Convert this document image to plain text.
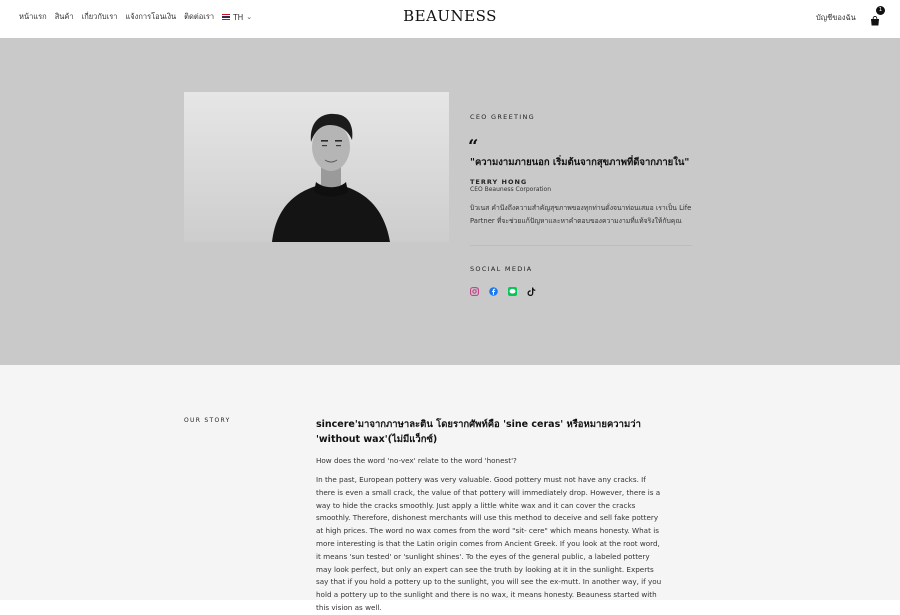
หน้าแรก สินค้า เกี่ยวกับเรา แจ้งการโอนเงิน ติดต่อเรา	TH ⌄	BEAUNESS	บัญชีของฉัน
1
CEO GREETING
“
"ความงามภายนอก เริ่มต้นจากสุขภาพที่ดีจากภายใน"
TERRY HONG
CEO Beauness Corporation
บิวเนส คำนึงถึงความสำคัญสุขภาพของทุกท่านดั่งจนาท่อนเสมอ เราเป็น Life Partner ที่จะช่วยแก้ปัญหาและหาคำตอบของความงามที่แท้จริงให้กับคุณ
SOCIAL MEDIA
OUR STORY	sincere'มาจากภาษาละติน โดยรากศัพท์คือ 'sine ceras' หรือหมายความว่า 'without wax'(ไม่มีแว็กซ์)
How does the word 'no-vex' relate to the word 'honest'?
In the past, European pottery was very valuable. Good pottery must not have any cracks. If there is even a small crack, the value of that pottery will immediately drop. However, there is a way to hide the cracks smoothly. Just apply a little white wax and it can cover the cracks smoothly. Therefore, dishonest merchants will use this method to deceive and sell fake pottery at high prices. The word no wax comes from the word "sit- cere" which means honesty. What is more interesting is that the Latin origin comes from Ancient Greek. If you look at the root word, it means 'sun tested' or 'sunlight shines'. To the eyes of the general public, a labeled pottery may look perfect, but only an expert can see the truth by looking at it in the sunlight. Experts say that if you hold a pottery up to the sunlight, you will see the ex-mutt. In another way, if you hold a pottery up to the sunlight and there is no wax, it means honesty. Beauness started with this vision as well.
